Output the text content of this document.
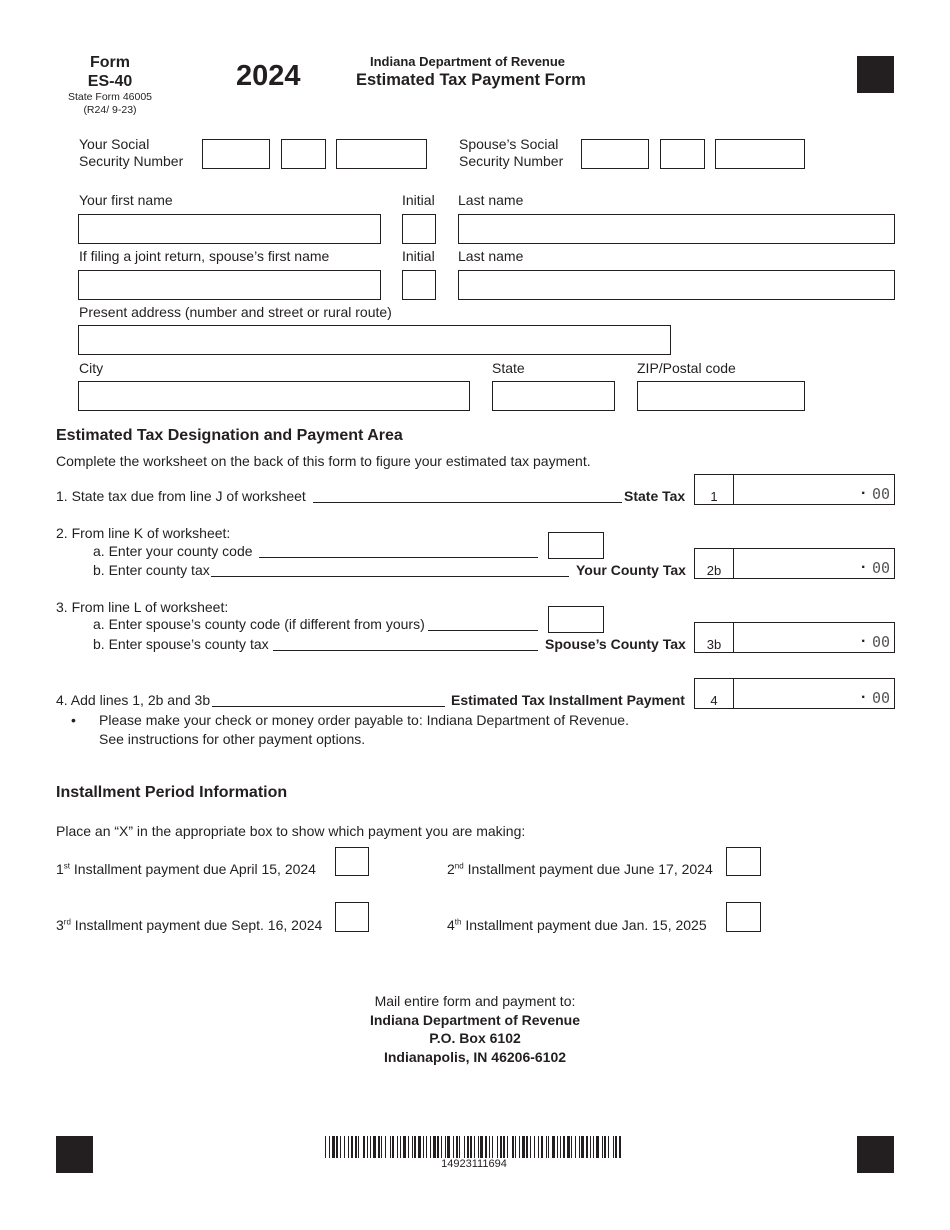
Form
ES-40
State Form 46005
(R24/ 9-23)
2024	Indiana Department of Revenue
Estimated Tax Payment Form
Your Social
Security Number
Spouse’s Social
Security Number
Your first name	Initial Last name
If filing a joint return, spouse’s first name	Initial Last name
Present address (number and street or rural route)
City	State	ZIP/Postal code
Estimated Tax Designation and Payment Area
Complete the worksheet on the back of this form to figure your estimated tax payment.
1. State tax due from line J of worksheet	State Tax	1	. 00
2. From line K of worksheet:
a. Enter your county code
b. Enter county tax	Your County Tax	2b	. 00
3. From line L of worksheet:
a. Enter spouse’s county code (if different from yours)
b. Enter spouse’s county tax	Spouse’s County Tax	3b	. 00
4. Add lines 1, 2b and 3b	Estimated Tax Installment Payment	4	. 00
• Please make your check or money order payable to: Indiana Department of Revenue.
See instructions for other payment options.
Installment Period Information
Place an “X” in the appropriate box to show which payment you are making:
1st Installment payment due April 15, 2024	2nd Installment payment due June 17, 2024
3rd Installment payment due Sept. 16, 2024	4th Installment payment due Jan. 15, 2025
Mail entire form and payment to:
Indiana Department of Revenue
P.O. Box 6102
Indianapolis, IN 46206-6102
14923111694
